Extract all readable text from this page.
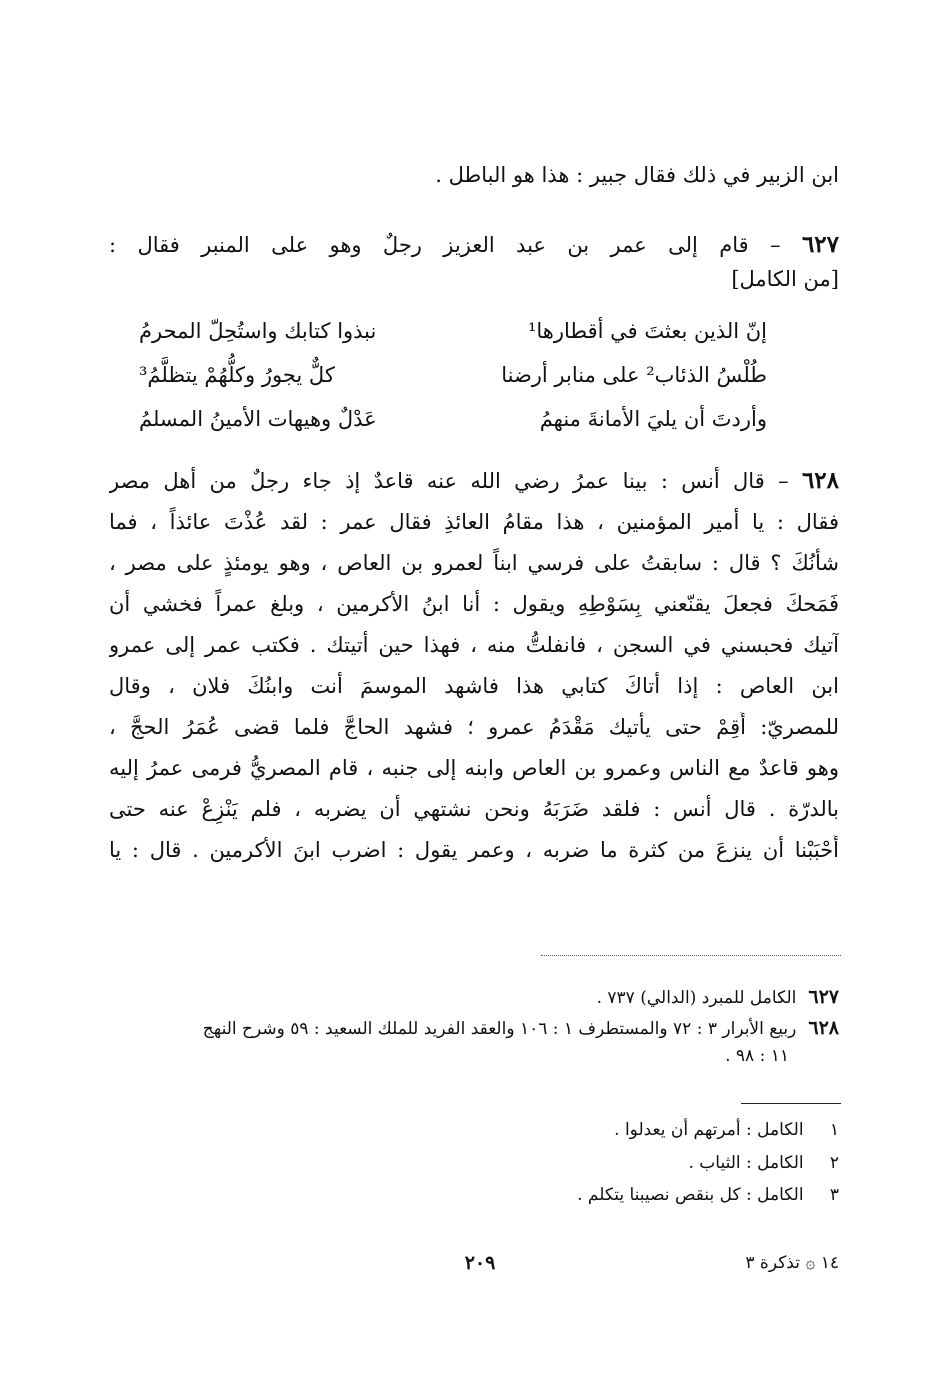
ابن الزبير في ذلك فقال جبير : هذا هو الباطل .
٦٢٧ – قام إلى عمر بن عبد العزيز رجلٌ وهو على المنبر فقال :
[من الكامل]
إنّ الذين بعثتَ في أقطارها¹
نبذوا كتابك واستُحِلّ المحرمُ
طُلْسُ الذئاب² على منابر أرضنا
كلٌّ يجورُ وكلُّهُمْ يتظلَّمُ³
وأردتَ أن يليَ الأمانةَ منهمُ
عَدْلٌ وهيهات الأمينُ المسلمُ
٦٢٨ – قال أنس : بينا عمرُ رضي الله عنه قاعدٌ إذ جاء رجلٌ من أهل مصر
فقال : يا أمير المؤمنين ، هذا مقامُ العائذِ فقال عمر : لقد عُذْتَ عائذاً ، فما
شأنُكَ ؟ قال : سابقتُ على فرسي ابناً لعمرو بن العاص ، وهو يومئذٍ على مصر ،
فَمَحكَ فجعلَ يقنّعني بِسَوْطِهِ ويقول : أنا ابنُ الأكرمين ، وبلغ عمراً فخشي أن
آتيك فحبسني في السجن ، فانفلتُّ منه ، فهذا حين أتيتك . فكتب عمر إلى عمرو
ابن العاص : إذا أتاكَ كتابي هذا فاشهد الموسمَ أنت وابنُكَ فلان ، وقال
للمصريّ: أَقِمْ حتى يأتيك مَقْدَمُ عمرو ؛ فشهد الحاجَّ فلما قضى عُمَرُ الحجَّ ،
وهو قاعدٌ مع الناس وعمرو بن العاص وابنه إلى جنبه ، قام المصريُّ فرمى عمرُ إليه
بالدرّة . قال أنس : فلقد ضَرَبَهُ ونحن نشتهي أن يضربه ، فلم يَنْزِعْ عنه حتى
أَحْبَبْنا أن ينزعَ من كثرة ما ضربه ، وعمر يقول : اضرب ابنَ الأكرمين . قال : يا
٦٢٧الكامل للمبرد (الدالي) ٧٣٧ .
٦٢٨ربيع الأبرار ٣ : ٧٢ والمستطرف ١ : ١٠٦ والعقد الفريد للملك السعيد : ٥٩ وشرح النهج
١١ : ٩٨ .
١ الكامل : أمرتهم أن يعدلوا .
٢ الكامل : الثياب .
٣ الكامل : كل بنقص نصيبنا يتكلم .
١٤ ۞ تذكرة ٣
٢٠٩
